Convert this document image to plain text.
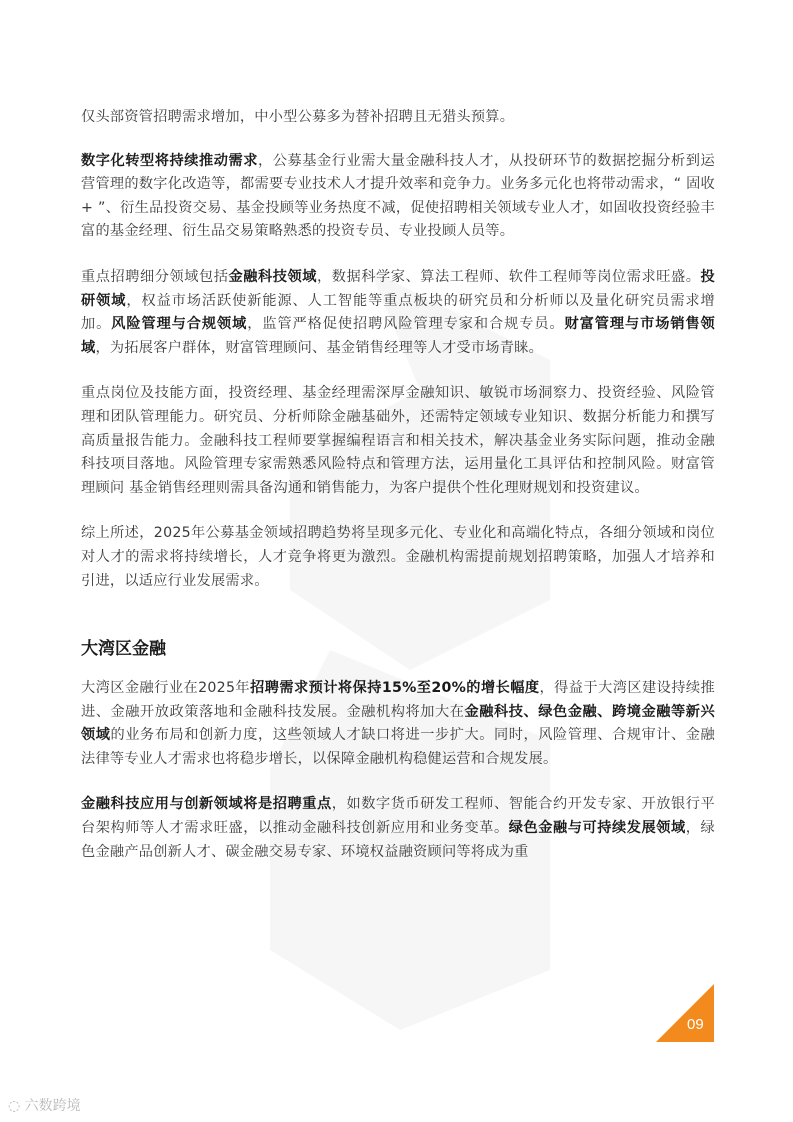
仅头部资管招聘需求增加，中小型公募多为替补招聘且无猎头预算。

数字化转型将持续推动需求，公募基金行业需大量金融科技人才，从投研环节的数据挖掘分析到运营管理的数字化改造等，都需要专业技术人才提升效率和竞争力。业务多元化也将带动需求，“ 固收 + ”、衍生品投资交易、基金投顾等业务热度不减，促使招聘相关领域专业人才，如固收投资经验丰富的基金经理、衍生品交易策略熟悉的投资专员、专业投顾人员等。

重点招聘细分领域包括金融科技领域，数据科学家、算法工程师、软件工程师等岗位需求旺盛。投研领域，权益市场活跃使新能源、人工智能等重点板块的研究员和分析师以及量化研究员需求增加。风险管理与合规领域，监管严格促使招聘风险管理专家和合规专员。财富管理与市场销售领域，为拓展客户群体，财富管理顾问、基金销售经理等人才受市场青睐。

重点岗位及技能方面，投资经理、基金经理需深厚金融知识、敏锐市场洞察力、投资经验、风险管理和团队管理能力。研究员、分析师除金融基础外，还需特定领域专业知识、数据分析能力和撰写高质量报告能力。金融科技工程师要掌握编程语言和相关技术，解决基金业务实际问题，推动金融科技项目落地。风险管理专家需熟悉风险特点和管理方法，运用量化工具评估和控制风险。财富管理顾问 基金销售经理则需具备沟通和销售能力，为客户提供个性化理财规划和投资建议。

综上所述，2025年公募基金领域招聘趋势将呈现多元化、专业化和高端化特点，各细分领域和岗位对人才的需求将持续增长，人才竞争将更为激烈。金融机构需提前规划招聘策略，加强人才培养和引进，以适应行业发展需求。

大湾区金融

大湾区金融行业在2025年招聘需求预计将保持15%至20%的增长幅度，得益于大湾区建设持续推进、金融开放政策落地和金融科技发展。金融机构将加大在金融科技、绿色金融、跨境金融等新兴领域的业务布局和创新力度，这些领域人才缺口将进一步扩大。同时，风险管理、合规审计、金融法律等专业人才需求也将稳步增长，以保障金融机构稳健运营和合规发展。

金融科技应用与创新领域将是招聘重点，如数字货币研发工程师、智能合约开发专家、开放银行平台架构师等人才需求旺盛，以推动金融科技创新应用和业务变革。绿色金融与可持续发展领域，绿色金融产品创新人才、碳金融交易专家、环境权益融资顾问等将成为重

09
◌ 六数跨境
